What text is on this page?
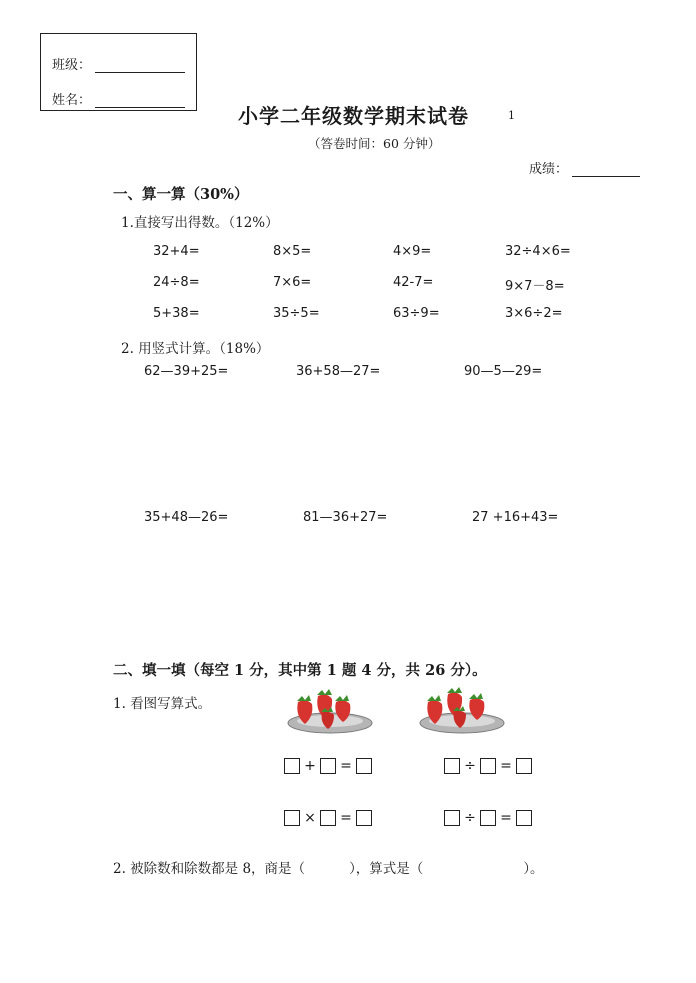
班级：
姓名：
小学二年级数学期末试卷	1
（答卷时间：60 分钟）
成绩：
一、算一算（30%）
1.直接写出得数。（12%）
32+4=	8×5=	4×9=	32÷4×6=
24÷8=	7×6=	42-7=	9×7－8=
5+38=	35÷5=	63÷9=	3×6÷2=
2. 用竖式计算。（18%）
62—39+25=	36+58—27=	90—5—29=
35+48—26=	81—36+27=	27 +16+43=
二、填一填（每空 1 分，其中第 1 题 4 分，共 26 分）。
1. 看图写算式。
+ =	÷ =
× =	÷ =
2. 被除数和除数都是 8，商是（	），算式是（	）。
